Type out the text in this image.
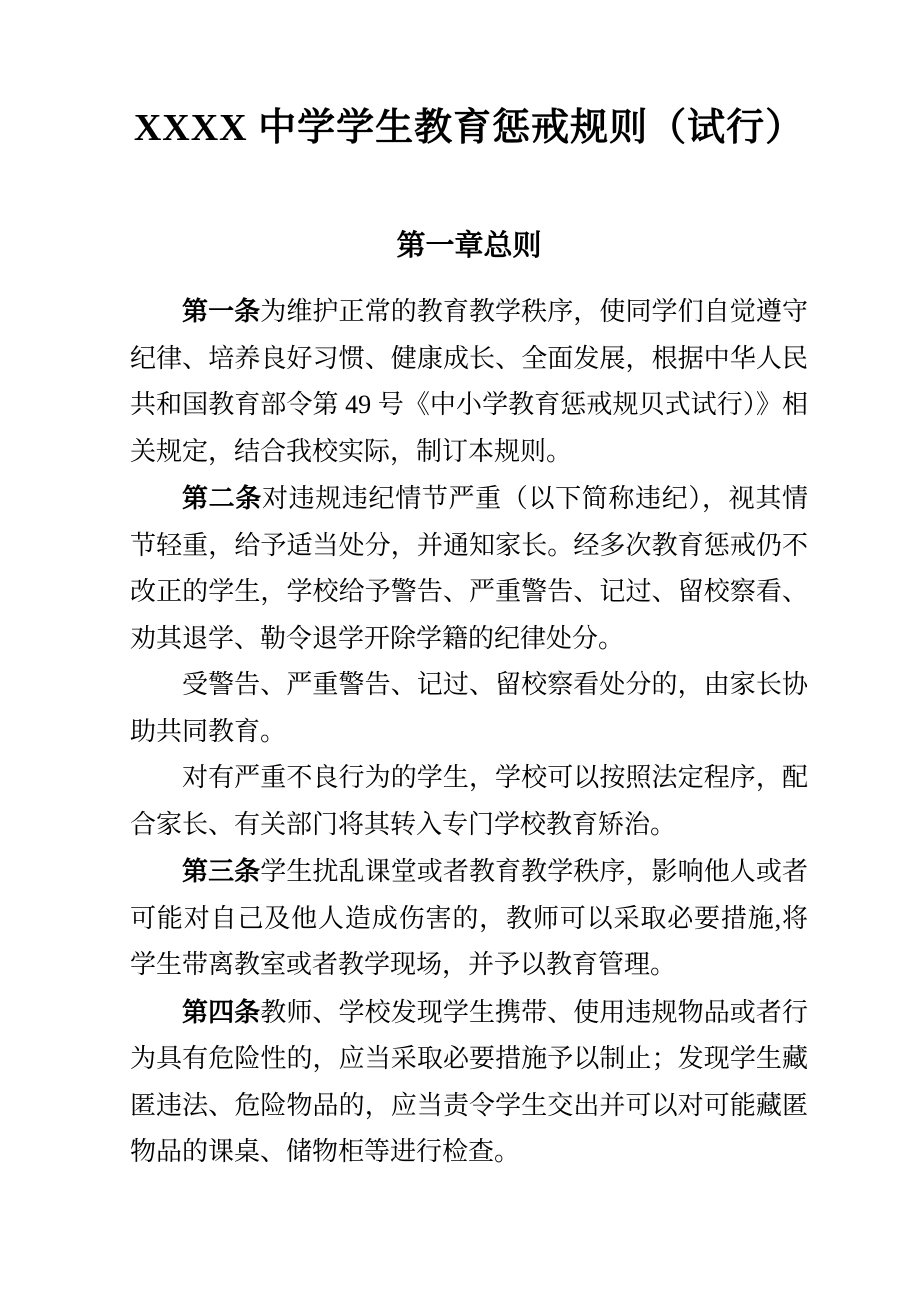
XXXX 中学学生教育惩戒规则（试行）
第一章总则

第一条为维护正常的教育教学秩序，使同学们自觉遵守纪律、培养良好习惯、健康成长、全面发展，根据中华人民共和国教育部令第 49 号《中小学教育惩戒规贝式试行）》相关规定，结合我校实际，制订本规则。

第二条对违规违纪情节严重（以下简称违纪），视其情节轻重，给予适当处分，并通知家长。经多次教育惩戒仍不改正的学生，学校给予警告、严重警告、记过、留校察看、劝其退学、勒令退学开除学籍的纪律处分。

受警告、严重警告、记过、留校察看处分的，由家长协助共同教育。

对有严重不良行为的学生，学校可以按照法定程序，配合家长、有关部门将其转入专门学校教育矫治。

第三条学生扰乱课堂或者教育教学秩序，影响他人或者可能对自己及他人造成伤害的，教师可以采取必要措施,将学生带离教室或者教学现场，并予以教育管理。

第四条教师、学校发现学生携带、使用违规物品或者行为具有危险性的，应当采取必要措施予以制止；发现学生藏匿违法、危险物品的，应当责令学生交出并可以对可能藏匿物品的课桌、储物柜等进行检查。
